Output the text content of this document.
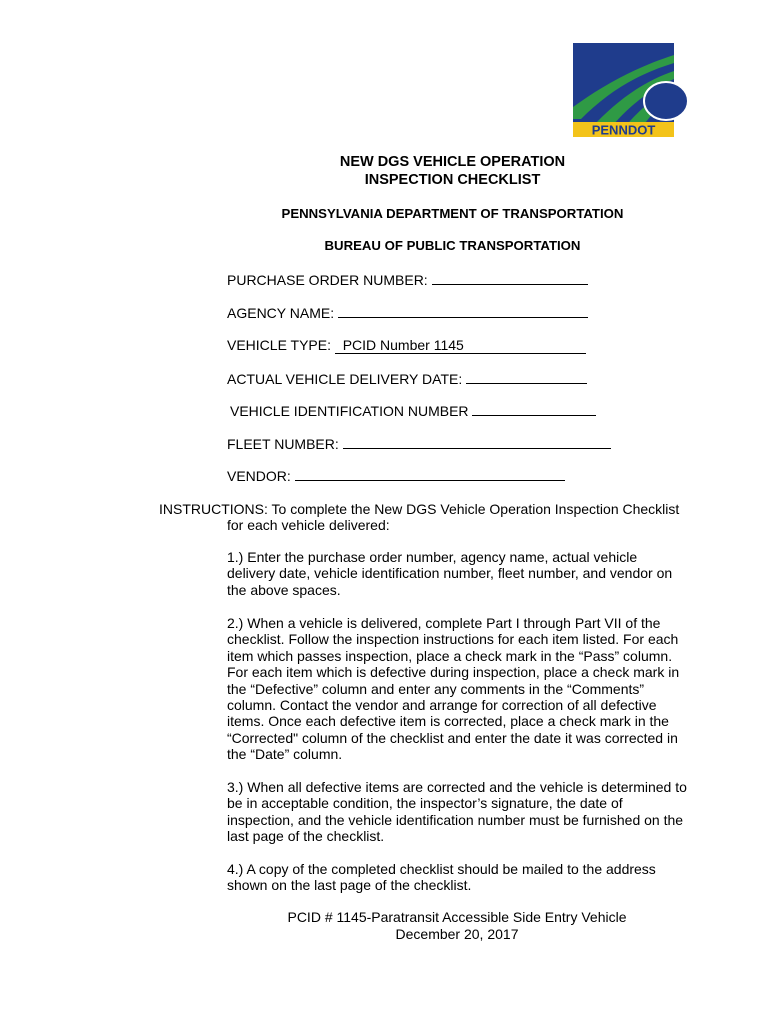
PENNDOT
NEW DGS VEHICLE OPERATION
INSPECTION CHECKLIST
PENNSYLVANIA DEPARTMENT OF TRANSPORTATION
BUREAU OF PUBLIC TRANSPORTATION
PURCHASE ORDER NUMBER:
AGENCY NAME:
VEHICLE TYPE: PCID Number 1145
ACTUAL VEHICLE DELIVERY DATE:
VEHICLE IDENTIFICATION NUMBER
FLEET NUMBER:
VENDOR:
INSTRUCTIONS: To complete the New DGS Vehicle Operation Inspection Checklist
for each vehicle delivered:
1.) Enter the purchase order number, agency name, actual vehicle delivery date, vehicle identification number, fleet number, and vendor on the above spaces.
2.) When a vehicle is delivered, complete Part I through Part VII of the checklist. Follow the inspection instructions for each item listed. For each item which passes inspection, place a check mark in the “Pass” column. For each item which is defective during inspection, place a check mark in the “Defective” column and enter any comments in the “Comments” column. Contact the vendor and arrange for correction of all defective items. Once each defective item is corrected, place a check mark in the “Corrected" column of the checklist and enter the date it was corrected in the “Date” column.
3.) When all defective items are corrected and the vehicle is determined to be in acceptable condition, the inspector’s signature, the date of inspection, and the vehicle identification number must be furnished on the last page of the checklist.
4.) A copy of the completed checklist should be mailed to the address shown on the last page of the checklist.
PCID # 1145-Paratransit Accessible Side Entry Vehicle
December 20, 2017
